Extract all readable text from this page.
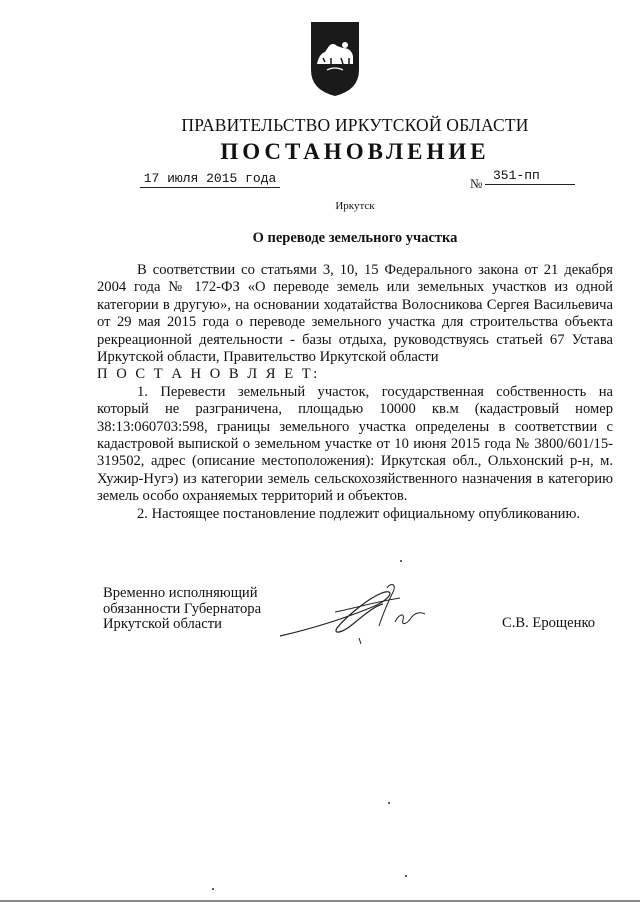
ПРАВИТЕЛЬСТВО ИРКУТСКОЙ ОБЛАСТИ
ПОСТАНОВЛЕНИЕ
17 июля 2015 года	№
351-пп
Иркутск
О переводе земельного участка

В соответствии со статьями 3, 10, 15 Федерального закона от 21 декабря 2004 года № 172-ФЗ «О переводе земель или земельных участков из одной категории в другую», на основании ходатайства Волосникова Сергея Васильевича от 29 мая 2015 года о переводе земельного участка для строительства объекта рекреационной деятельности - базы отдыха, руководствуясь статьей 67 Устава Иркутской области, Правительство Иркутской области

П О С Т А Н О В Л Я Е Т:

1. Перевести земельный участок, государственная собственность на который не разграничена, площадью 10000 кв.м (кадастровый номер 38:13:060703:598, границы земельного участка определены в соответствии с кадастровой выпиской о земельном участке от 10 июня 2015 года № 3800/601/15-319502, адрес (описание местоположения): Иркутская обл., Ольхонский р-н, м. Хужир-Нугэ) из категории земель сельскохозяйственного назначения в категорию земель особо охраняемых территорий и объектов.

2. Настоящее постановление подлежит официальному опубликованию.

Временно исполняющий
обязанности Губернатора
Иркутской области	С.В. Ерощенко
